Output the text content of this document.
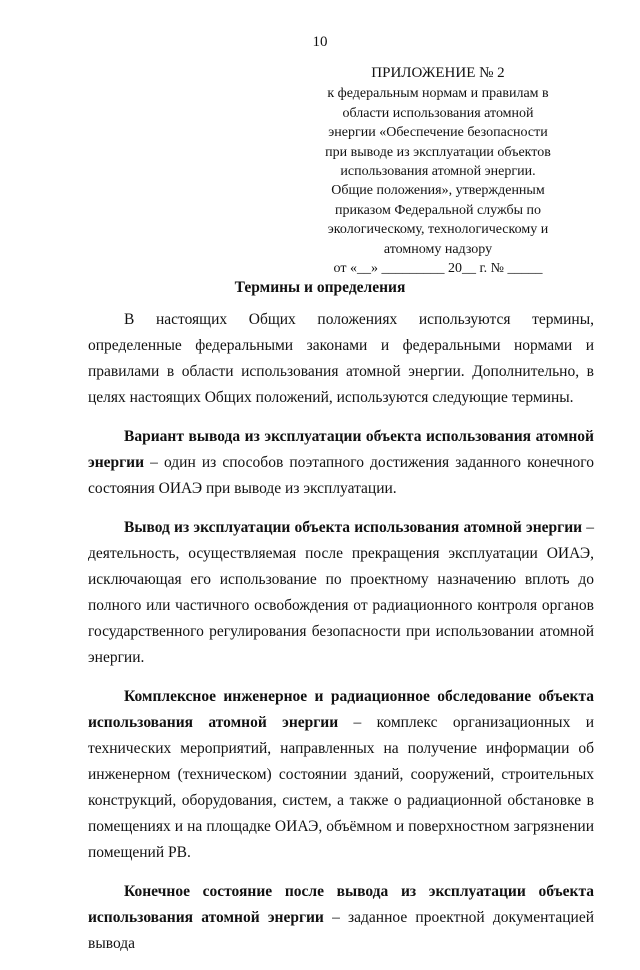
10
ПРИЛОЖЕНИЕ № 2
к федеральным нормам и правилам в
области использования атомной
энергии «Обеспечение безопасности
при выводе из эксплуатации объектов
использования атомной энергии.
Общие положения», утвержденным
приказом Федеральной службы по
экологическому, технологическому и
атомному надзору
от «__» _________ 20__ г. № _____
Термины и определения

В настоящих Общих положениях используются термины, определенные федеральными законами и федеральными нормами и правилами в области использования атомной энергии. Дополнительно, в целях настоящих Общих положений, используются следующие термины.

Вариант вывода из эксплуатации объекта использования атомной энергии – один из способов поэтапного достижения заданного конечного состояния ОИАЭ при выводе из эксплуатации.

Вывод из эксплуатации объекта использования атомной энергии – деятельность, осуществляемая после прекращения эксплуатации ОИАЭ, исключающая его использование по проектному назначению вплоть до полного или частичного освобождения от радиационного контроля органов государственного регулирования безопасности при использовании атомной энергии.

Комплексное инженерное и радиационное обследование объекта использования атомной энергии – комплекс организационных и технических мероприятий, направленных на получение информации об инженерном (техническом) состоянии зданий, сооружений, строительных конструкций, оборудования, систем, а также о радиационной обстановке в помещениях и на площадке ОИАЭ, объёмном и поверхностном загрязнении помещений РВ.

Конечное состояние после вывода из эксплуатации объекта использования атомной энергии – заданное проектной документацией вывода
